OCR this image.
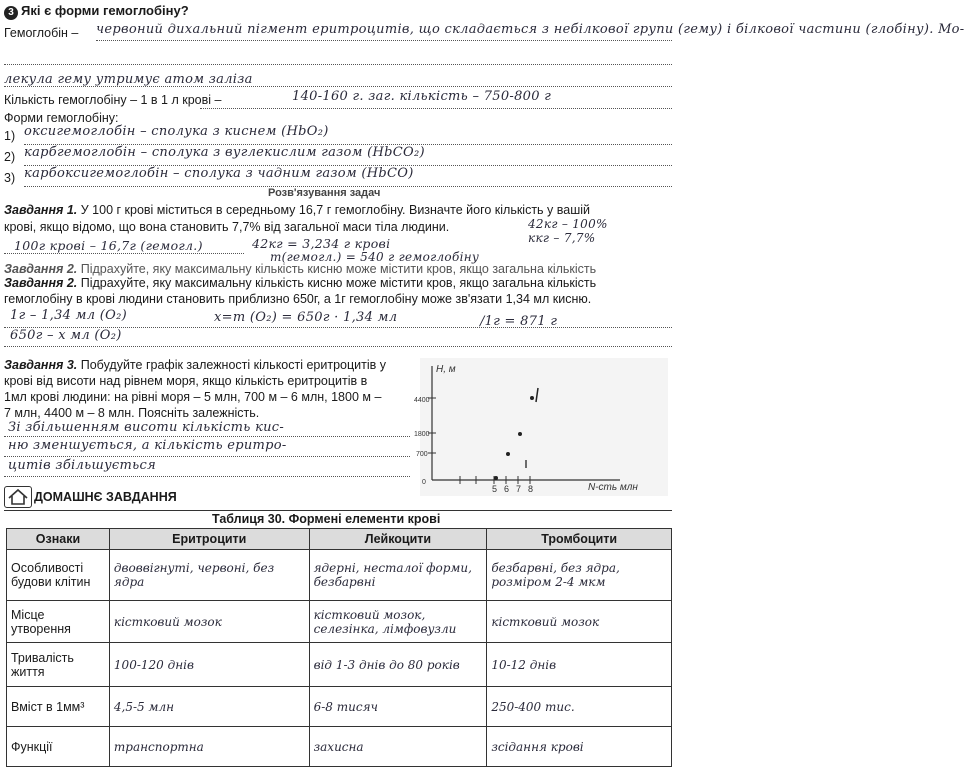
3 Які є форми гемоглобіну?
Гемоглобін – червоний дихальний пігмент еритроцитів, що складається з небілкової групи (гему) і білкової частини (глобіну). Мо-
лекула гему утримує атом заліза
Кількість гемоглобіну – 1 в 1 л крові –	140-160 г. заг. кількість – 750-800 г
Форми гемоглобіну:
1) оксигемоглобін – сполука з киснем (HbO₂)
2) карбгемоглобін – сполука з вуглекислим газом (HbCO₂)
3) карбоксигемоглобін – сполука з чадним газом (HbCO)
Розв'язування задач
Завдання 1. У 100 г крові міститься в середньому 16,7 г гемоглобіну. Визначте його кількість у вашій
крові, якщо відомо, що вона становить 7,7% від загальної маси тіла людини.	42кг – 100%
ккг – 7,7%
100г крові – 16,7г (гемогл.)	42кг = 3,234 г крові
т(гемогл.) = 540 г гемоглобіну
Завдання 2. Підрахуйте, яку максимальну кількість кисню може містити кров, якщо загальна кількість
Завдання 2. Підрахуйте, яку максимальну кількість кисню може містити кров, якщо загальна кількість
гемоглобіну в крові людини становить приблизно 650г, а 1г гемоглобіну може зв'язати 1,34 мл кисню.
1г – 1,34 мл (O₂)	х=т (O₂) = 650г · 1,34 мл	/1г = 871 г
650г – х мл (O₂)
Завдання 3. Побудуйте графік залежності кількості еритроцитів у
крові від висоти над рівнем моря, якщо кількість еритроцитів в
1мл крові людини: на рівні моря – 5 млн, 700 м – 6 млн, 1800 м –
7 млн, 4400 м – 8 млн. Поясніть залежність.
Зі збільшенням висоти кількість кис-
ню зменшується, а кількість еритро-
цитів збільшується
H, м
N-сть млн
4400
1800
700
0
5 6 7 8
ДОМАШНЄ ЗАВДАННЯ
Таблиця 30. Формені елементи крові
Ознаки	Еритроцити	Лейкоцити	Тромбоцити
Особливості будови клітин	двоввігнуті, червоні, без ядра	ядерні, несталої форми, безбарвні	безбарвні, без ядра, розміром 2-4 мкм
Місце утворення	кістковий мозок	кістковий мозок, селезінка, лімфовузли	кістковий мозок
Тривалість життя	100-120 днів	від 1-3 днів до 80 років	10-12 днів
Вміст в 1мм³	4,5-5 млн	6-8 тисяч	250-400 тис.
Функції	транспортна	захисна	зсідання крові
